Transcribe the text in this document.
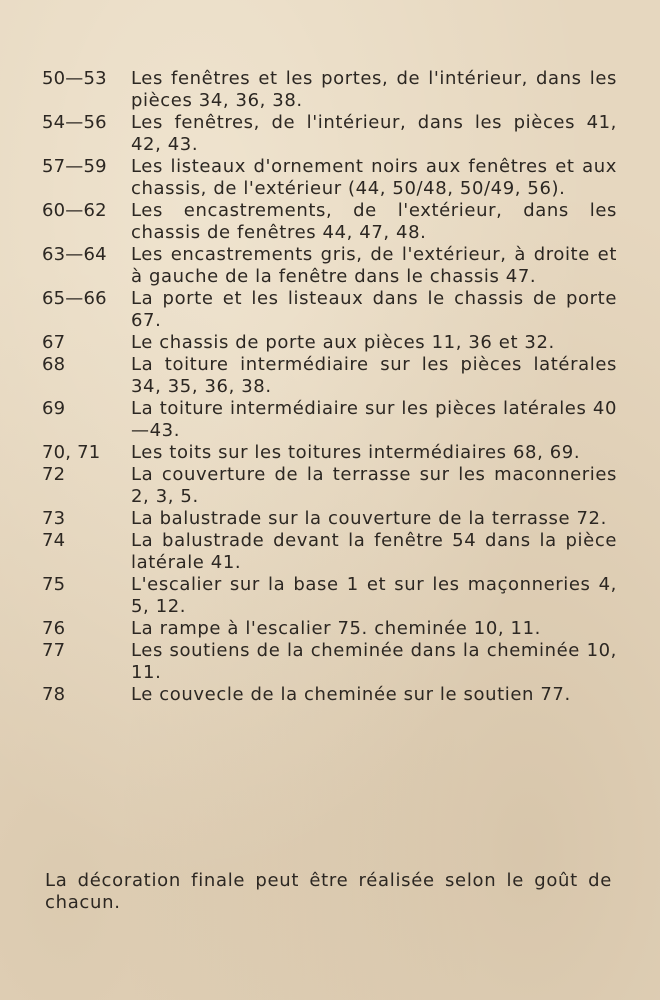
50—53	Les fenêtres et les portes, de l'intérieur, dans les pièces 34, 36, 38.
54—56	Les fenêtres, de l'intérieur, dans les pièces 41, 42, 43.
57—59	Les listeaux d'ornement noirs aux fenêtres et aux chassis, de l'extérieur (44, 50/48, 50/49, 56).
60—62	Les encastrements, de l'extérieur, dans les chassis de fenêtres 44, 47, 48.
63—64	Les encastrements gris, de l'extérieur, à droite et à gauche de la fenêtre dans le chassis 47.
65—66	La porte et les listeaux dans le chassis de porte 67.
67	Le chassis de porte aux pièces 11, 36 et 32.
68	La toiture intermédiaire sur les pièces latérales 34, 35, 36, 38.
69	La toiture intermédiaire sur les pièces latérales 40—43.
70, 71	Les toits sur les toitures intermédiaires 68, 69.
72	La couverture de la terrasse sur les maconneries 2, 3, 5.
73	La balustrade sur la couverture de la terrasse 72.
74	La balustrade devant la fenêtre 54 dans la pièce latérale 41.
75	L'escalier sur la base 1 et sur les maçonneries 4, 5, 12.
76	La rampe à l'escalier 75. cheminée 10, 11.
77	Les soutiens de la cheminée dans la cheminée 10, 11.
78	Le couvecle de la cheminée sur le soutien 77.

La décoration finale peut être réalisée selon le goût de chacun.
